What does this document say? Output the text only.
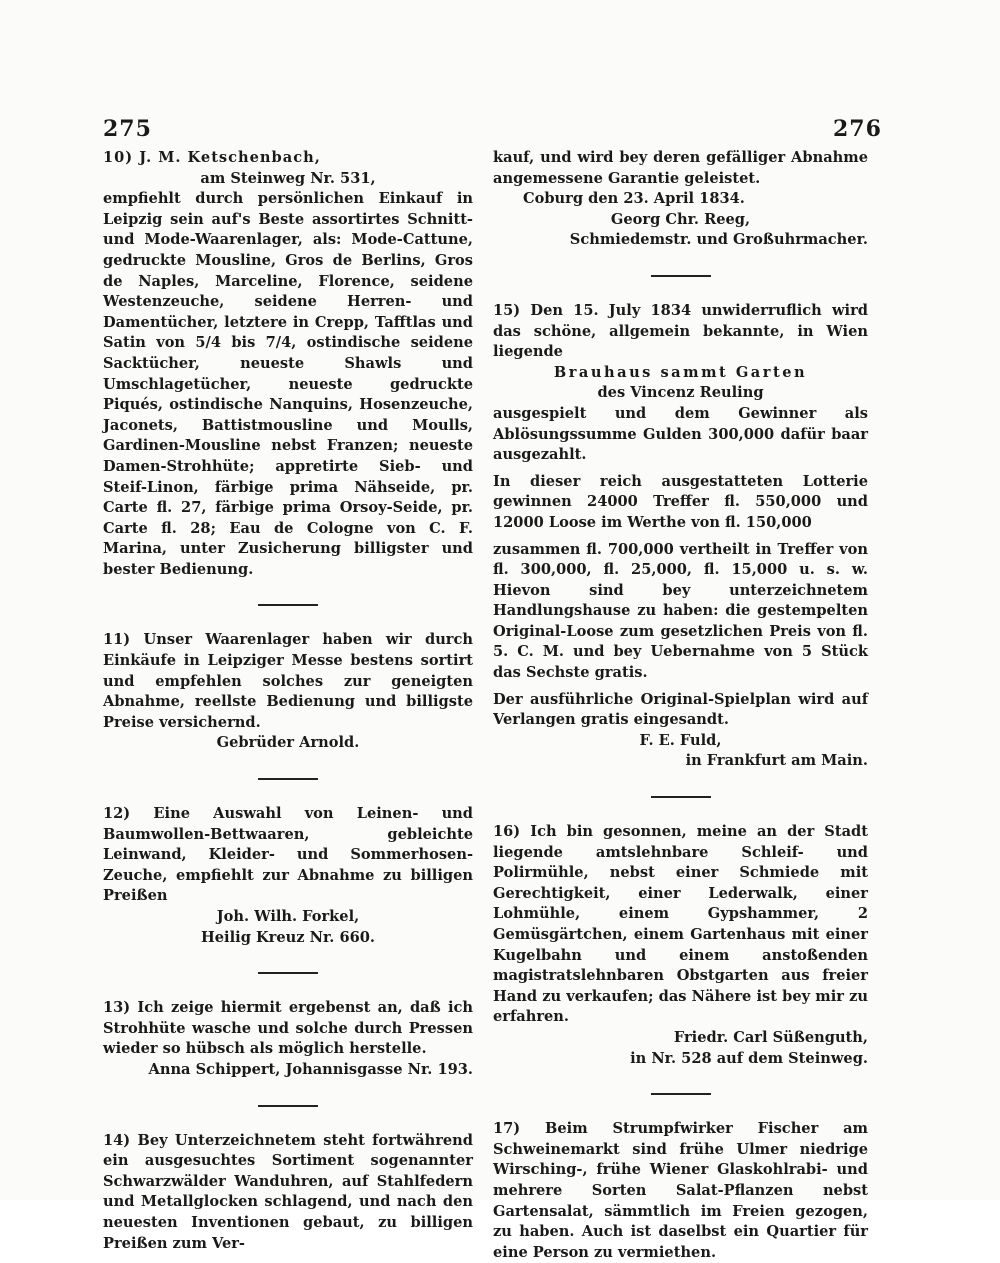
275	276

10) J. M. Ketschenbach,

am Steinweg Nr. 531,

empfiehlt durch persönlichen Einkauf in Leipzig sein auf's Beste assortirtes Schnitt- und Mode-Waarenlager, als: Mode-Cattune, gedruckte Mousline, Gros de Berlins, Gros de Naples, Marceline, Florence, seidene Westenzeuche, seidene Herren- und Damentücher, letztere in Crepp, Tafftlas und Satin von 5/4 bis 7/4, ostindische seidene Sacktücher, neueste Shawls und Umschlagetücher, neueste gedruckte Piqués, ostindische Nanquins, Hosenzeuche, Jaconets, Battistmousline und Moulls, Gardinen-Mousline nebst Franzen; neueste Damen-Strohhüte; appretirte Sieb- und Steif-Linon, färbige prima Nähseide, pr. Carte fl. 27, färbige prima Orsoy-Seide, pr. Carte fl. 28; Eau de Cologne von C. F. Marina, unter Zusicherung billigster und bester Bedienung.

11) Unser Waarenlager haben wir durch Einkäufe in Leipziger Messe bestens sortirt und empfehlen solches zur geneigten Abnahme, reellste Bedienung und billigste Preise versichernd.

Gebrüder Arnold.

12) Eine Auswahl von Leinen- und Baumwollen-Bettwaaren, gebleichte Leinwand, Kleider- und Sommerhosen-Zeuche, empfiehlt zur Abnahme zu billigen Preißen

Joh. Wilh. Forkel,

Heilig Kreuz Nr. 660.

13) Ich zeige hiermit ergebenst an, daß ich Strohhüte wasche und solche durch Pressen wieder so hübsch als möglich herstelle.

Anna Schippert, Johannisgasse Nr. 193.

14) Bey Unterzeichnetem steht fortwährend ein ausgesuchtes Sortiment sogenannter Schwarzwälder Wanduhren, auf Stahlfedern und Metallglocken schlagend, und nach den neuesten Inventionen gebaut, zu billigen Preißen zum Ver-

kauf, und wird bey deren gefälliger Abnahme angemessene Garantie geleistet.

Coburg den 23. April 1834.

Georg Chr. Reeg,

Schmiedemstr. und Großuhrmacher.

15) Den 15. July 1834 unwiderruflich wird das schöne, allgemein bekannte, in Wien liegende

Brauhaus sammt Garten

des Vincenz Reuling

ausgespielt und dem Gewinner als Ablösungssumme Gulden 300,000 dafür baar ausgezahlt.

In dieser reich ausgestatteten Lotterie gewinnen 24000 Treffer fl. 550,000 und 12000 Loose im Werthe von fl. 150,000

zusammen fl. 700,000 vertheilt in Treffer von fl. 300,000, fl. 25,000, fl. 15,000 u. s. w. Hievon sind bey unterzeichnetem Handlungshause zu haben: die gestempelten Original-Loose zum gesetzlichen Preis von fl. 5. C. M. und bey Uebernahme von 5 Stück das Sechste gratis.

Der ausführliche Original-Spielplan wird auf Verlangen gratis eingesandt.

F. E. Fuld,

in Frankfurt am Main.

16) Ich bin gesonnen, meine an der Stadt liegende amtslehnbare Schleif- und Polirmühle, nebst einer Schmiede mit Gerechtigkeit, einer Lederwalk, einer Lohmühle, einem Gypshammer, 2 Gemüsgärtchen, einem Gartenhaus mit einer Kugelbahn und einem anstoßenden magistratslehnbaren Obstgarten aus freier Hand zu verkaufen; das Nähere ist bey mir zu erfahren.

Friedr. Carl Süßenguth,

in Nr. 528 auf dem Steinweg.

17) Beim Strumpfwirker Fischer am Schweinemarkt sind frühe Ulmer niedrige Wirsching-, frühe Wiener Glaskohlrabi- und mehrere Sorten Salat-Pflanzen nebst Gartensalat, sämmtlich im Freien gezogen, zu haben. Auch ist daselbst ein Quartier für eine Person zu vermiethen.
